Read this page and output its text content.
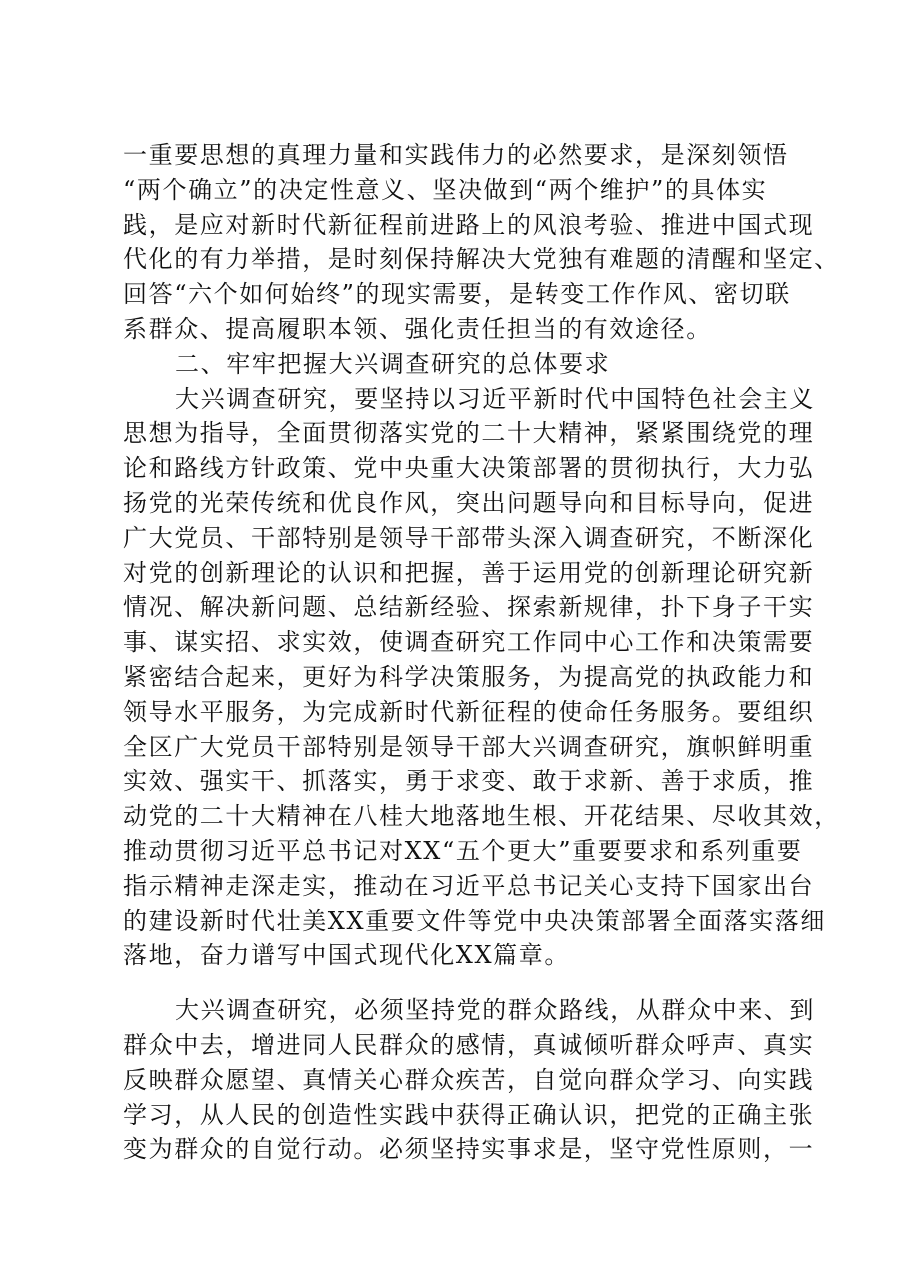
一重要思想的真理力量和实践伟力的必然要求，是深刻领悟
“两个确立”的决定性意义、坚决做到“两个维护”的具体实
践，是应对新时代新征程前进路上的风浪考验、推进中国式现
代化的有力举措，是时刻保持解决大党独有难题的清醒和坚定、
回答“六个如何始终”的现实需要，是转变工作作风、密切联
系群众、提高履职本领、强化责任担当的有效途径。
二、牢牢把握大兴调查研究的总体要求
大兴调查研究，要坚持以习近平新时代中国特色社会主义
思想为指导，全面贯彻落实党的二十大精神，紧紧围绕党的理
论和路线方针政策、党中央重大决策部署的贯彻执行，大力弘
扬党的光荣传统和优良作风，突出问题导向和目标导向，促进
广大党员、干部特别是领导干部带头深入调查研究，不断深化
对党的创新理论的认识和把握，善于运用党的创新理论研究新
情况、解决新问题、总结新经验、探索新规律，扑下身子干实
事、谋实招、求实效，使调查研究工作同中心工作和决策需要
紧密结合起来，更好为科学决策服务，为提高党的执政能力和
领导水平服务，为完成新时代新征程的使命任务服务。要组织
全区广大党员干部特别是领导干部大兴调查研究，旗帜鲜明重
实效、强实干、抓落实，勇于求变、敢于求新、善于求质，推
动党的二十大精神在八桂大地落地生根、开花结果、尽收其效，
推动贯彻习近平总书记对XX“五个更大”重要要求和系列重要
指示精神走深走实，推动在习近平总书记关心支持下国家出台
的建设新时代壮美XX重要文件等党中央决策部署全面落实落细
落地，奋力谱写中国式现代化XX篇章。
大兴调查研究，必须坚持党的群众路线，从群众中来、到
群众中去，增进同人民群众的感情，真诚倾听群众呼声、真实
反映群众愿望、真情关心群众疾苦，自觉向群众学习、向实践
学习，从人民的创造性实践中获得正确认识，把党的正确主张
变为群众的自觉行动。必须坚持实事求是，坚守党性原则，一
